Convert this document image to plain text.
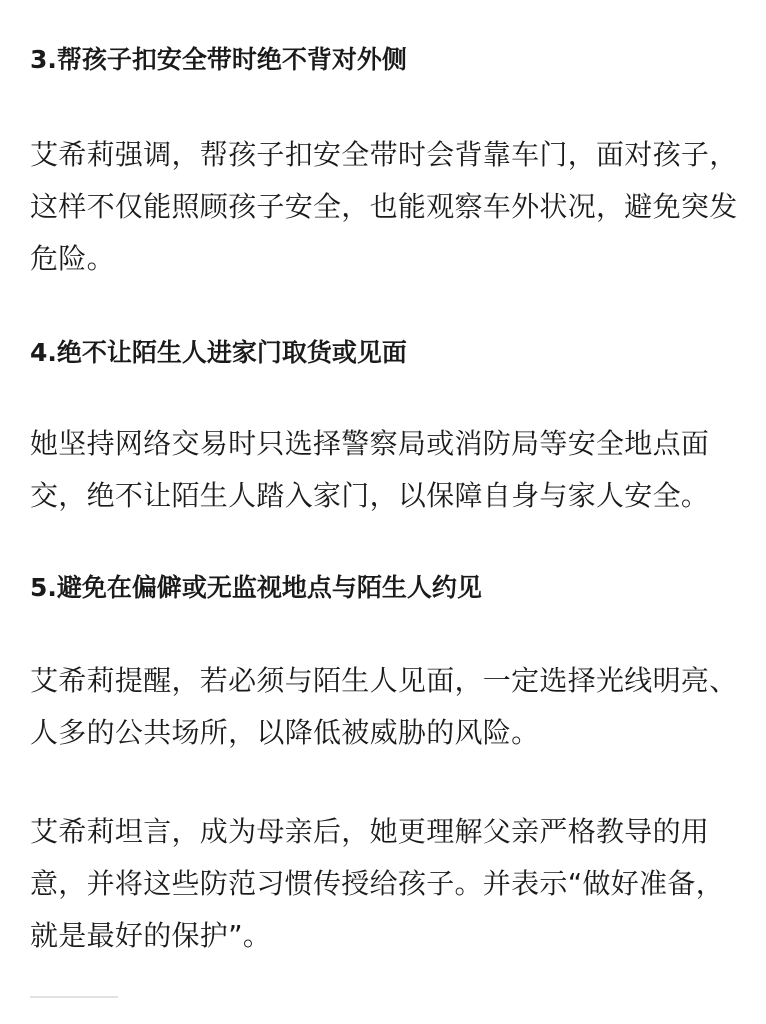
3.帮孩子扣安全带时绝不背对外侧

艾希莉强调，帮孩子扣安全带时会背靠车门，面对孩子，这样不仅能照顾孩子安全，也能观察车外状况，避免突发危险。

4.绝不让陌生人进家门取货或见面

她坚持网络交易时只选择警察局或消防局等安全地点面交，绝不让陌生人踏入家门，以保障自身与家人安全。

5.避免在偏僻或无监视地点与陌生人约见

艾希莉提醒，若必须与陌生人见面，一定选择光线明亮、人多的公共场所，以降低被威胁的风险。

艾希莉坦言，成为母亲后，她更理解父亲严格教导的用意，并将这些防范习惯传授给孩子。并表示“做好准备，就是最好的保护”。
